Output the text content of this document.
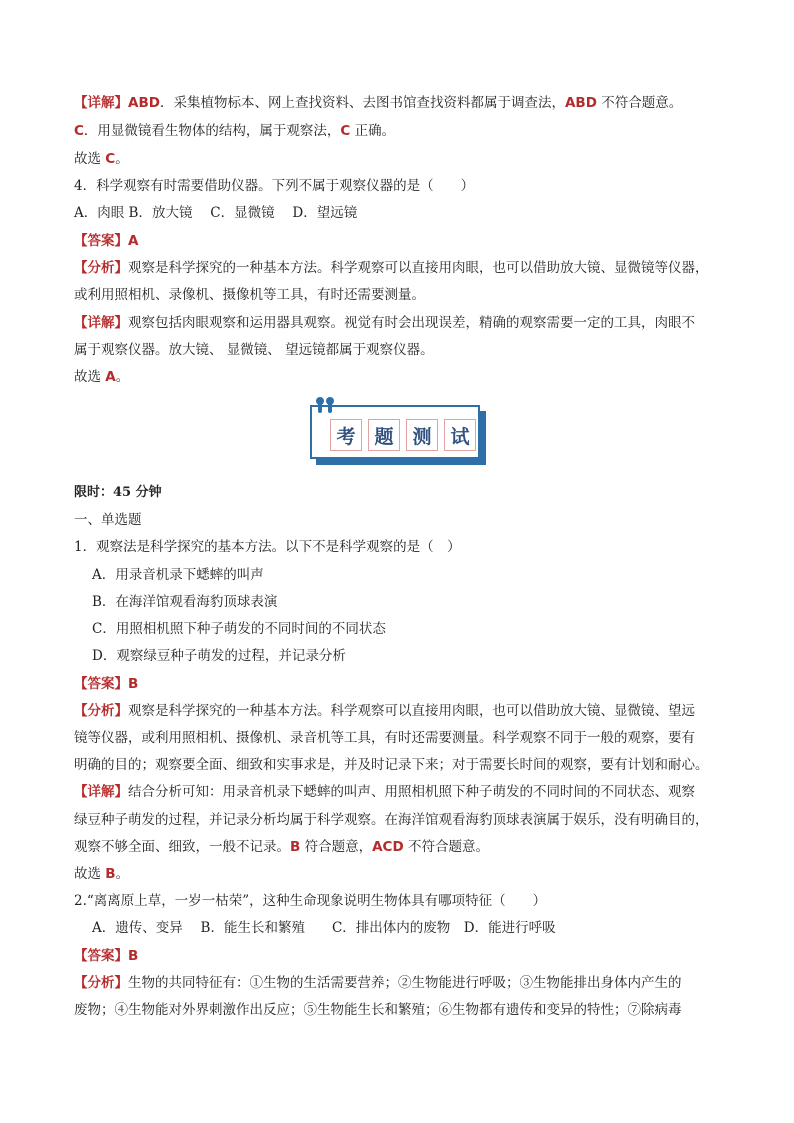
【详解】ABD．采集植物标本、网上查找资料、去图书馆查找资料都属于调查法，ABD 不符合题意。
C．用显微镜看生物体的结构，属于观察法，C 正确。
故选 C。
4．科学观察有时需要借助仪器。下列不属于观察仪器的是（　　）
A．肉眼 B．放大镜　 C．显微镜　 D．望远镜
【答案】A
【分析】观察是科学探究的一种基本方法。科学观察可以直接用肉眼，也可以借助放大镜、显微镜等仪器，
或利用照相机、录像机、摄像机等工具，有时还需要测量。
【详解】观察包括肉眼观察和运用器具观察。视觉有时会出现误差，精确的观察需要一定的工具，肉眼不
属于观察仪器。放大镜、 显微镜、 望远镜都属于观察仪器。
故选 A。
考 题 测 试
限时：45 分钟
一、单选题
1．观察法是科学探究的基本方法。以下不是科学观察的是（　）
A．用录音机录下蟋蟀的叫声
B．在海洋馆观看海豹顶球表演
C．用照相机照下种子萌发的不同时间的不同状态
D．观察绿豆种子萌发的过程，并记录分析
【答案】B
【分析】观察是科学探究的一种基本方法。科学观察可以直接用肉眼，也可以借助放大镜、显微镜、望远
镜等仪器，或利用照相机、摄像机、录音机等工具，有时还需要测量。科学观察不同于一般的观察，要有
明确的目的；观察要全面、细致和实事求是，并及时记录下来；对于需要长时间的观察，要有计划和耐心。
【详解】结合分析可知：用录音机录下蟋蟀的叫声、用照相机照下种子萌发的不同时间的不同状态、观察
绿豆种子萌发的过程，并记录分析均属于科学观察。在海洋馆观看海豹顶球表演属于娱乐，没有明确目的，
观察不够全面、细致，一般不记录。B 符合题意，ACD 不符合题意。
故选 B。
2.“离离原上草，一岁一枯荣”，这种生命现象说明生物体具有哪项特征（　　）
A．遗传、变异　 B．能生长和繁殖　　C．排出体内的废物　D．能进行呼吸
【答案】B
【分析】生物的共同特征有：①生物的生活需要营养；②生物能进行呼吸；③生物能排出身体内产生的
废物；④生物能对外界刺激作出反应；⑤生物能生长和繁殖；⑥生物都有遗传和变异的特性；⑦除病毒
